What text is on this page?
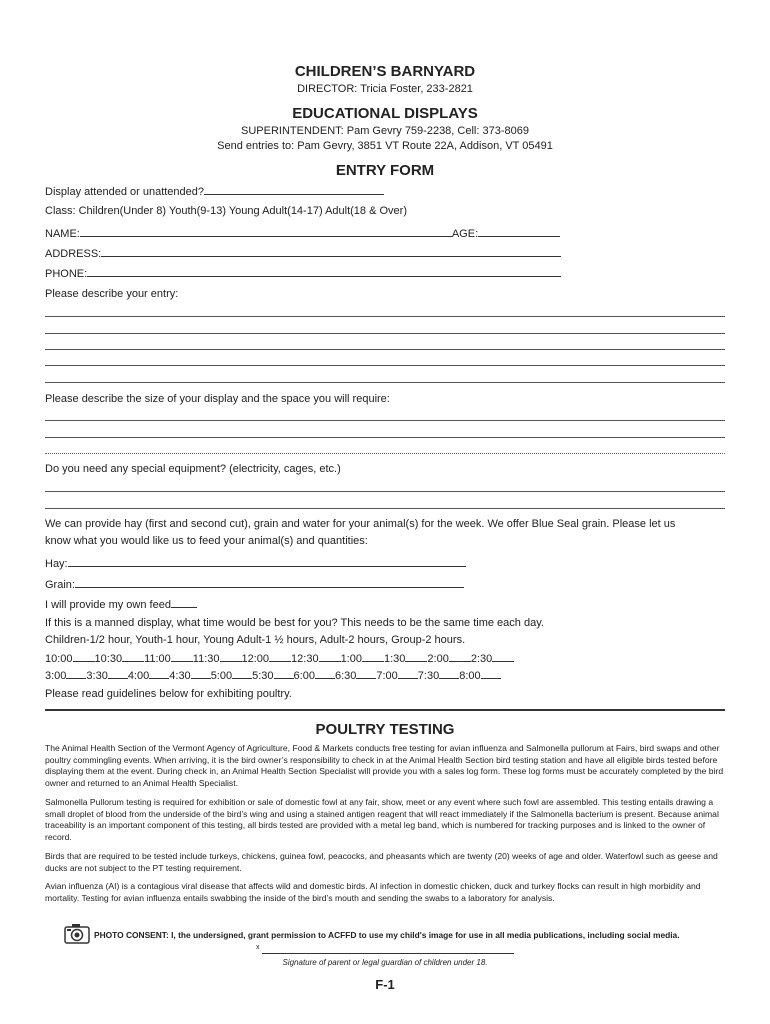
CHILDREN’S BARNYARD
DIRECTOR: Tricia Foster, 233-2821
EDUCATIONAL DISPLAYS
SUPERINTENDENT: Pam Gevry 759-2238, Cell: 373-8069
Send entries to: Pam Gevry, 3851 VT Route 22A, Addison, VT 05491
ENTRY FORM
Display attended or unattended?
Class: Children(Under 8) Youth(9-13) Young Adult(14-17) Adult(18 & Over)
NAME:	AGE:
ADDRESS:
PHONE:
Please describe your entry:
Please describe the size of your display and the space you will require:
Do you need any special equipment? (electricity, cages, etc.)
We can provide hay (first and second cut), grain and water for your animal(s) for the week. We offer Blue Seal grain. Please let us
know what you would like us to feed your animal(s) and quantities:
Hay:
Grain:
I will provide my own feed
If this is a manned display, what time would be best for you? This needs to be the same time each day.
Children-1/2 hour, Youth-1 hour, Young Adult-1 ½ hours, Adult-2 hours, Group-2 hours.
10:00 10:30 11:00 11:30 12:00 12:30 1:00 1:30 2:00 2:30
3:00 3:30 4:00 4:30 5:00 5:30 6:00 6:30 7:00 7:30 8:00
Please read guidelines below for exhibiting poultry.
POULTRY TESTING
The Animal Health Section of the Vermont Agency of Agriculture, Food & Markets conducts free testing for avian influenza and Salmonella pullorum at Fairs, bird swaps and other poultry commingling events. When arriving, it is the bird owner’s responsibility to check in at the Animal Health Section bird testing station and have all eligible birds tested before displaying them at the event. During check in, an Animal Health Section Specialist will provide you with a sales log form. These log forms must be accurately completed by the bird owner and returned to an Animal Health Specialist.
Salmonella Pullorum testing is required for exhibition or sale of domestic fowl at any fair, show, meet or any event where such fowl are assembled. This testing entails drawing a small droplet of blood from the underside of the bird’s wing and using a stained antigen reagent that will react immediately if the Salmonella bacterium is present. Because animal traceability is an important component of this testing, all birds tested are provided with a metal leg band, which is numbered for tracking purposes and is linked to the owner of record.
Birds that are required to be tested include turkeys, chickens, guinea fowl, peacocks, and pheasants which are twenty (20) weeks of age and older. Waterfowl such as geese and ducks are not subject to the PT testing requirement.
Avian influenza (AI) is a contagious viral disease that affects wild and domestic birds. AI infection in domestic chicken, duck and turkey flocks can result in high morbidity and mortality. Testing for avian influenza entails swabbing the inside of the bird’s mouth and sending the swabs to a laboratory for analysis.
PHOTO CONSENT: I, the undersigned, grant permission to ACFFD to use my child's image for use in all media publications, including social media.
x
Signature of parent or legal guardian of children under 18.
F-1
